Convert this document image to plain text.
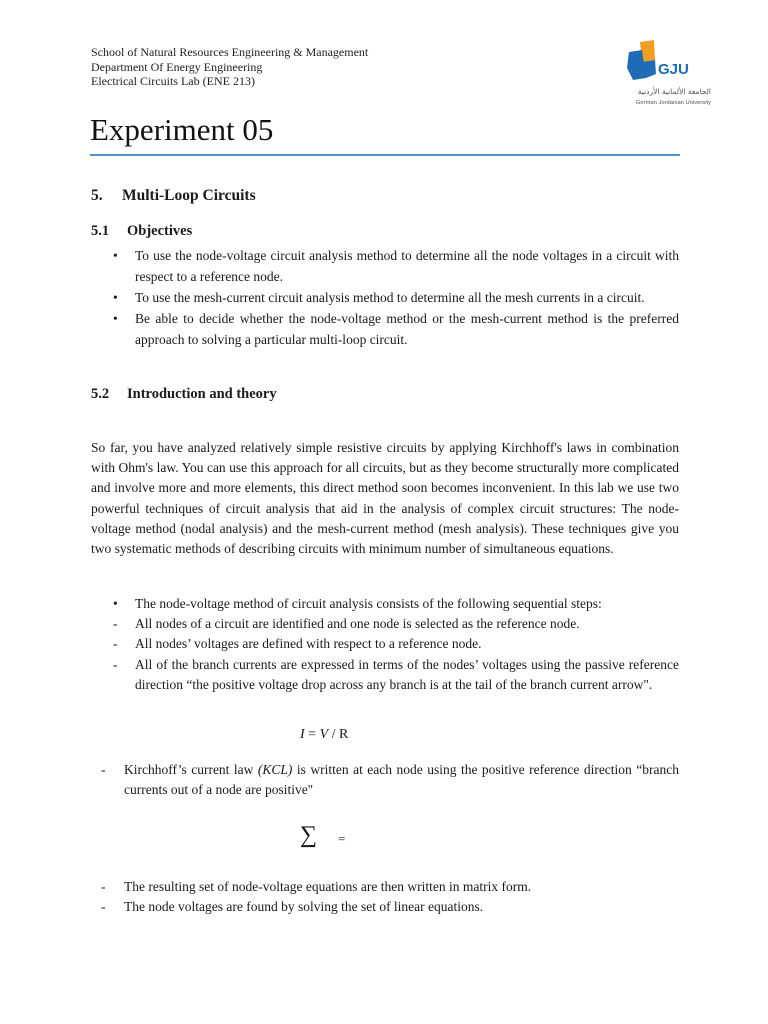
School of Natural Resources Engineering & Management
Department Of Energy Engineering
Electrical Circuits Lab (ENE 213)
GJU
الجامعة الألمانية الأردنية
German Jordanian University
Experiment 05
5. Multi-Loop Circuits
5.1 Objectives
• To use the node-voltage circuit analysis method to determine all the node voltages in a circuit with respect to a reference node.
• To use the mesh-current circuit analysis method to determine all the mesh currents in a circuit.
• Be able to decide whether the node-voltage method or the mesh-current method is the preferred approach to solving a particular multi-loop circuit.
5.2 Introduction and theory

So far, you have analyzed relatively simple resistive circuits by applying Kirchhoff's laws in combination with Ohm's law. You can use this approach for all circuits, but as they become structurally more complicated and involve more and more elements, this direct method soon becomes inconvenient. In this lab we use two powerful techniques of circuit analysis that aid in the analysis of complex circuit structures: The node-voltage method (nodal analysis) and the mesh-current method (mesh analysis). These techniques give you two systematic methods of describing circuits with minimum number of simultaneous equations.

• The node-voltage method of circuit analysis consists of the following sequential steps:
- All nodes of a circuit are identified and one node is selected as the reference node.
- All nodes’ voltages are defined with respect to a reference node.
- All of the branch currents are expressed in terms of the nodes’ voltages using the passive reference direction “the positive voltage drop across any branch is at the tail of the branch current arrow".
I = V / R
- Kirchhoff’s current law (KCL) is written at each node using the positive reference direction “branch currents out of a node are positive"
∑ =
- The resulting set of node-voltage equations are then written in matrix form.
- The node voltages are found by solving the set of linear equations.
